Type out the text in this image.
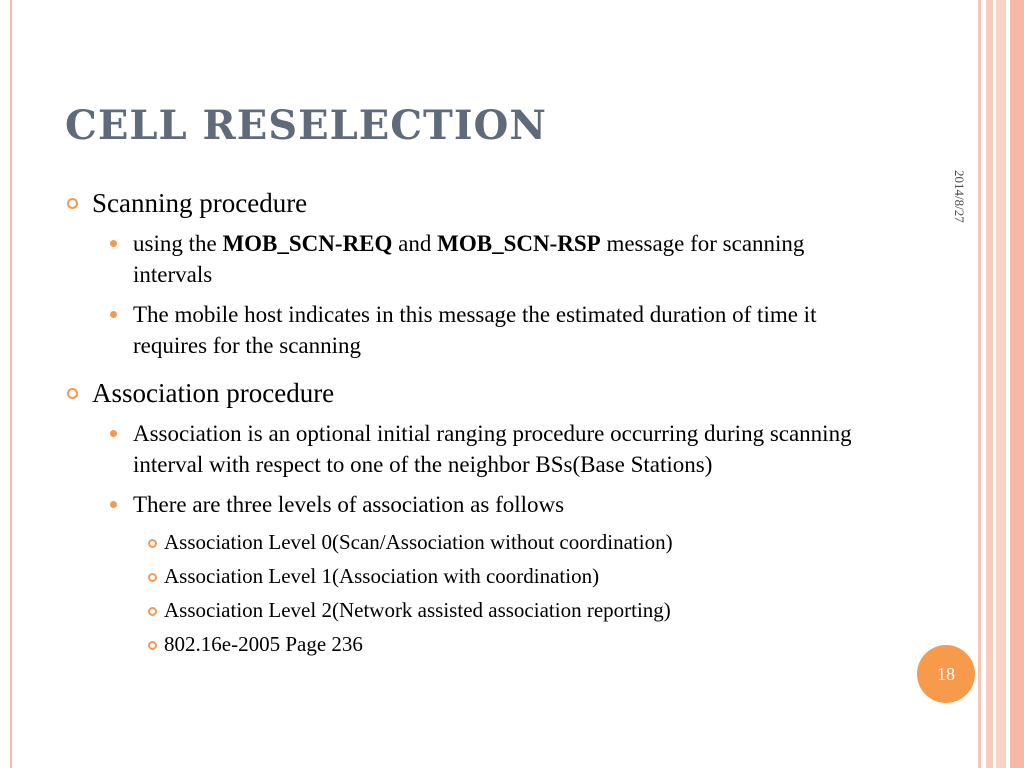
CELL RESELECTION
2014/8/27
Scanning procedure
using the MOB_SCN-REQ and MOB_SCN-RSP message for scanning intervals
The mobile host indicates in this message the estimated duration of time it requires for the scanning
Association procedure
Association is an optional initial ranging procedure occurring during scanning interval with respect to one of the neighbor BSs(Base Stations)
There are three levels of association as follows
Association Level 0(Scan/Association without coordination)
Association Level 1(Association with coordination)
Association Level 2(Network assisted association reporting)
802.16e-2005 Page 236
18
